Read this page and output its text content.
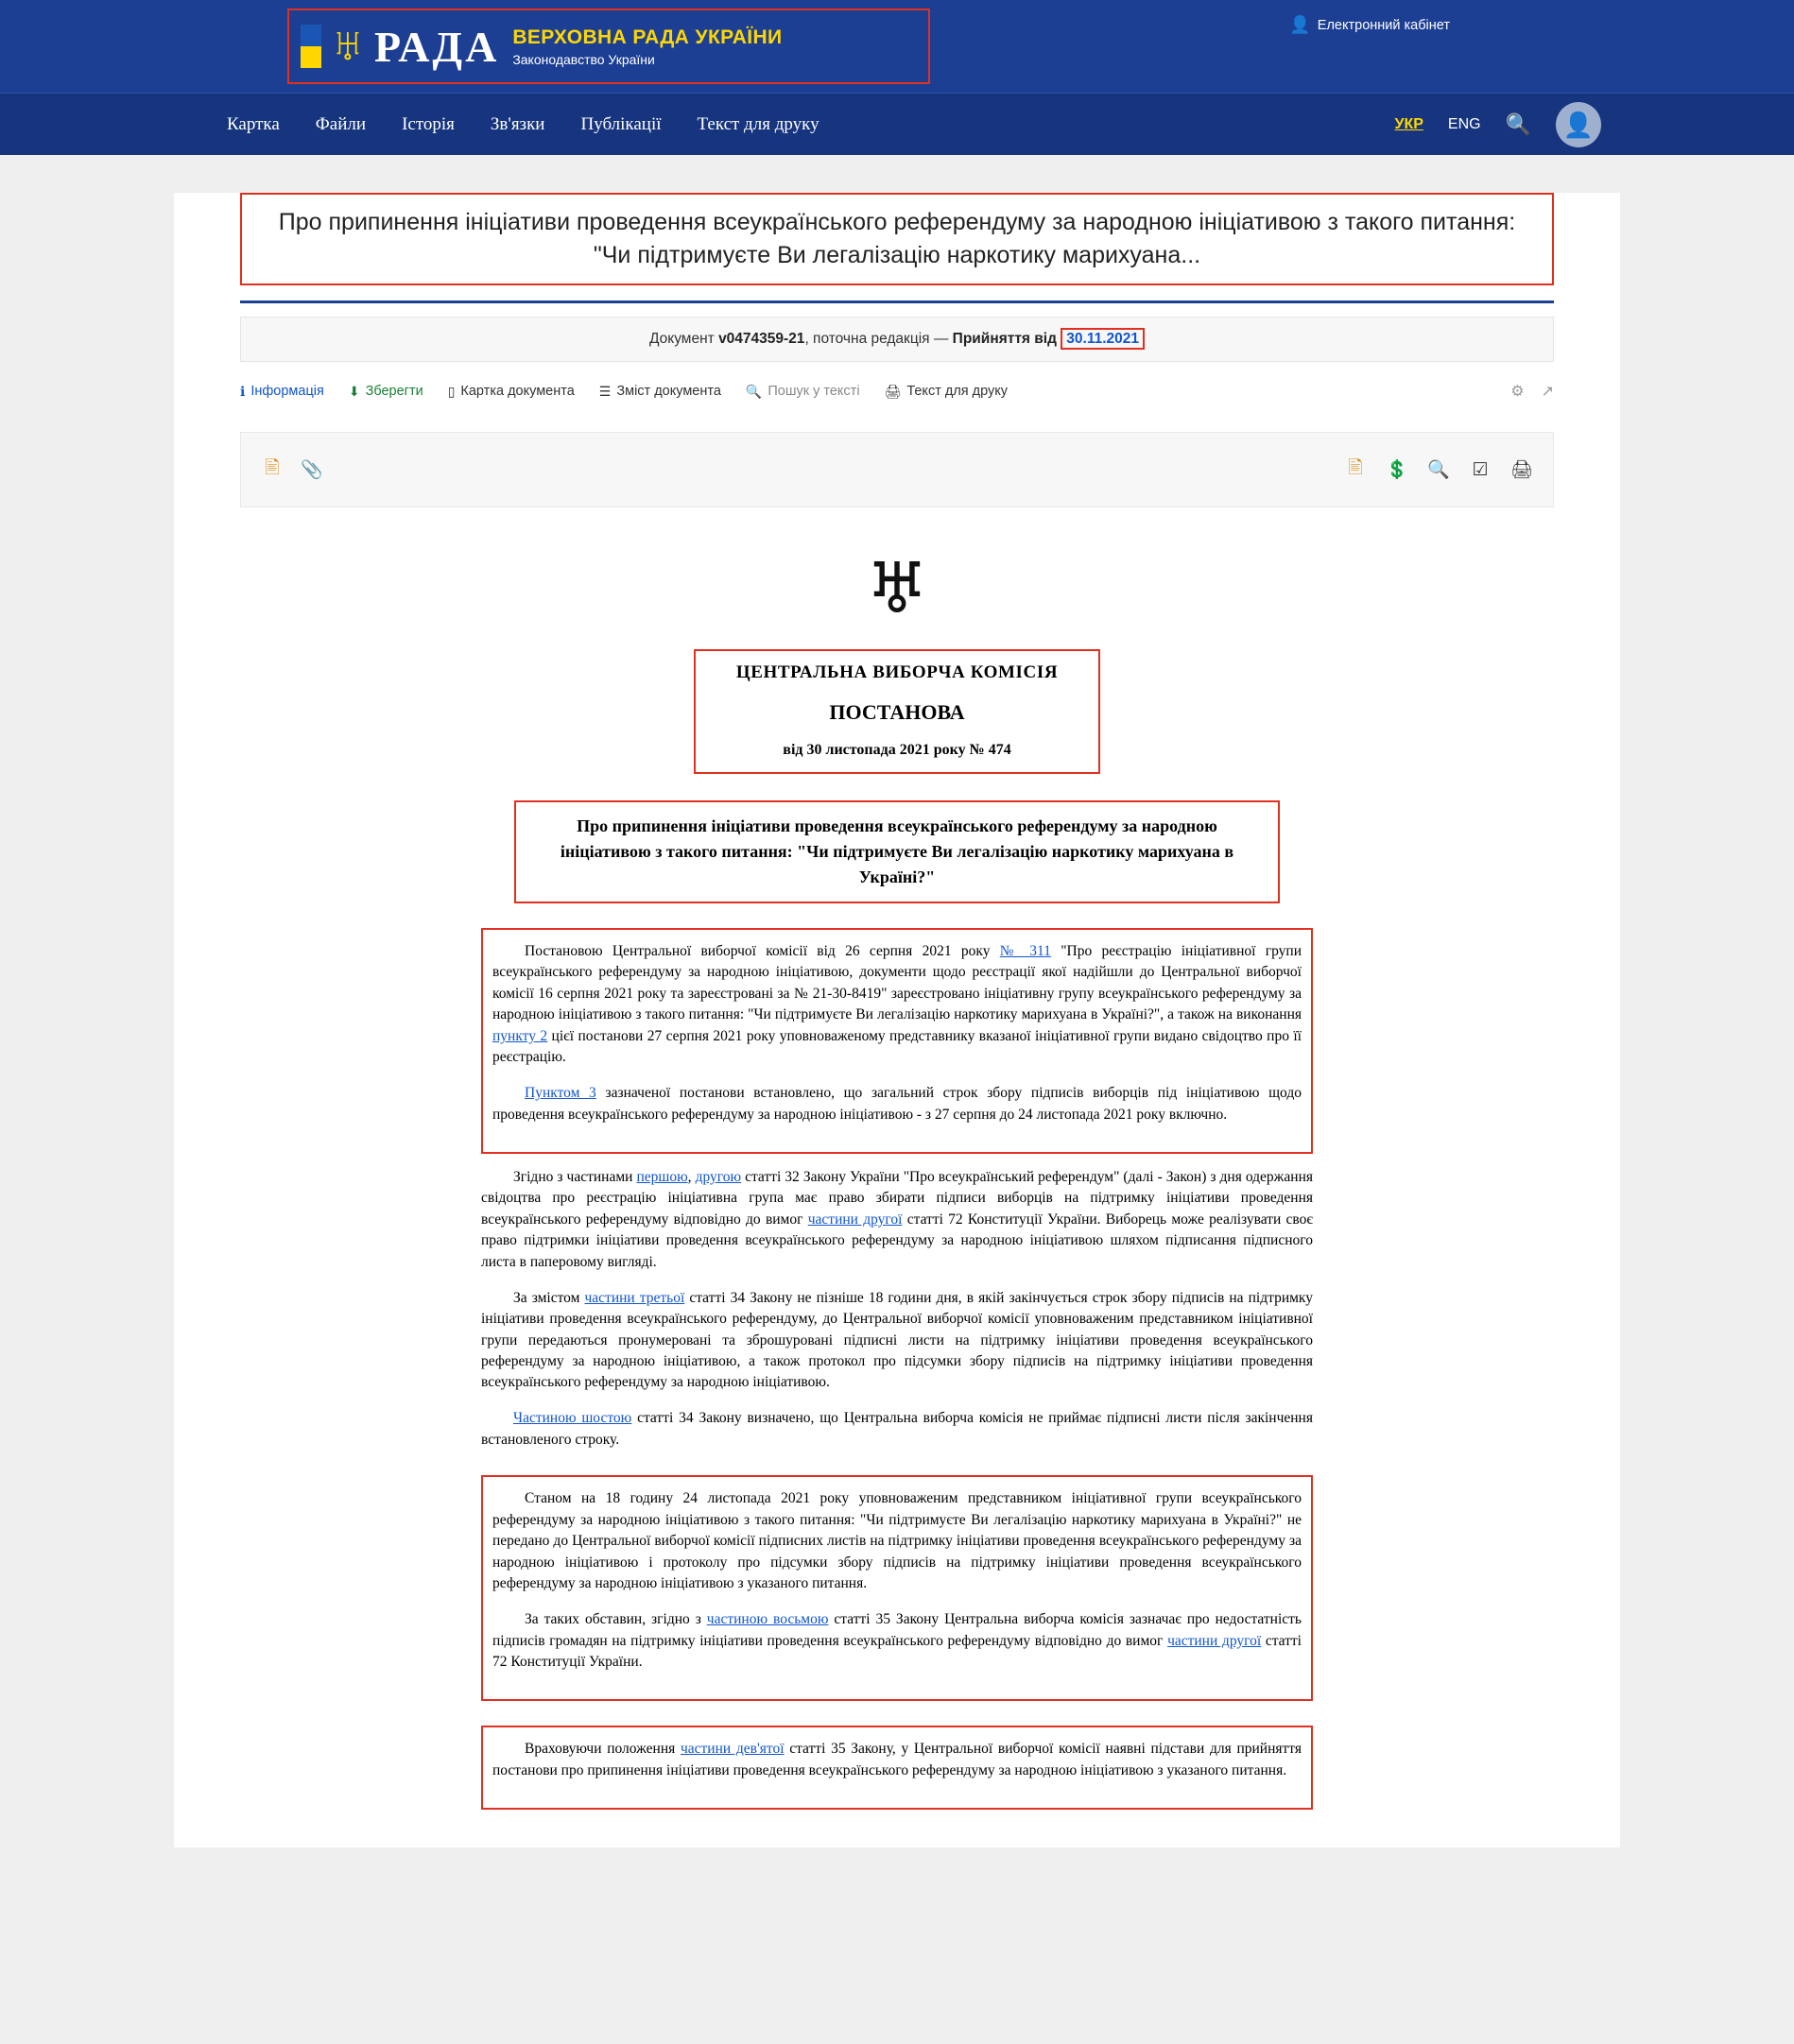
♅ РАДА ВЕРХОВНА РАДА УКРАЇНИ
Законодавство України
👤 Електронний кабінет
Картка Файли Історія Зв'язки Публікації Текст для друку	УКР ENG 🔍	👤
Про припинення ініціативи проведення всеукраїнського референдуму за народною ініціативою з такого питання: "Чи підтримуєте Ви легалізацію наркотику марихуана...
Документ v0474359-21, поточна редакція — Прийняття від 30.11.2021
ℹ Інформація ⬇ Зберегти ▯ Картка документа ☰ Зміст документа 🔍 Пошук у тексті 🖨 Текст для друку	⚙ ↗
🖹	📎	🖹	💲 🔍	☑	🖨
♅
ЦЕНТРАЛЬНА ВИБОРЧА КОМІСІЯ
ПОСТАНОВА
від 30 листопада 2021 року № 474
Про припинення ініціативи проведення всеукраїнського референдуму за народною ініціативою з такого питання: "Чи підтримуєте Ви легалізацію наркотику марихуана в Україні?"

Постановою Центральної виборчої комісії від 26 серпня 2021 року № 311 "Про реєстрацію ініціативної групи всеукраїнського референдуму за народною ініціативою, документи щодо реєстрації якої надійшли до Центральної виборчої комісії 16 серпня 2021 року та зареєстровані за № 21-30-8419" зареєстровано ініціативну групу всеукраїнського референдуму за народною ініціативою з такого питання: "Чи підтримуєте Ви легалізацію наркотику марихуана в Україні?", а також на виконання пункту 2 цієї постанови 27 серпня 2021 року уповноваженому представнику вказаної ініціативної групи видано свідоцтво про її реєстрацію.

Пунктом 3 зазначеної постанови встановлено, що загальний строк збору підписів виборців під ініціативою щодо проведення всеукраїнського референдуму за народною ініціативою - з 27 серпня до 24 листопада 2021 року включно.

Згідно з частинами першою, другою статті 32 Закону України "Про всеукраїнський референдум" (далі - Закон) з дня одержання свідоцтва про реєстрацію ініціативна група має право збирати підписи виборців на підтримку ініціативи проведення всеукраїнського референдуму відповідно до вимог частини другої статті 72 Конституції України. Виборець може реалізувати своє право підтримки ініціативи проведення всеукраїнського референдуму за народною ініціативою шляхом підписання підписного листа в паперовому вигляді.

За змістом частини третьої статті 34 Закону не пізніше 18 години дня, в якій закінчується строк збору підписів на підтримку ініціативи проведення всеукраїнського референдуму, до Центральної виборчої комісії уповноваженим представником ініціативної групи передаються пронумеровані та зброшуровані підписні листи на підтримку ініціативи проведення всеукраїнського референдуму за народною ініціативою, а також протокол про підсумки збору підписів на підтримку ініціативи проведення всеукраїнського референдуму за народною ініціативою.

Частиною шостою статті 34 Закону визначено, що Центральна виборча комісія не приймає підписні листи після закінчення встановленого строку.

Станом на 18 годину 24 листопада 2021 року уповноваженим представником ініціативної групи всеукраїнського референдуму за народною ініціативою з такого питання: "Чи підтримуєте Ви легалізацію наркотику марихуана в Україні?" не передано до Центральної виборчої комісії підписних листів на підтримку ініціативи проведення всеукраїнського референдуму за народною ініціативою і протоколу про підсумки збору підписів на підтримку ініціативи проведення всеукраїнського референдуму за народною ініціативою з указаного питання.

За таких обставин, згідно з частиною восьмою статті 35 Закону Центральна виборча комісія зазначає про недостатність підписів громадян на підтримку ініціативи проведення всеукраїнського референдуму відповідно до вимог частини другої статті 72 Конституції України.

Враховуючи положення частини дев'ятої статті 35 Закону, у Центральної виборчої комісії наявні підстави для прийняття постанови про припинення ініціативи проведення всеукраїнського референдуму за народною ініціативою з указаного питання.
